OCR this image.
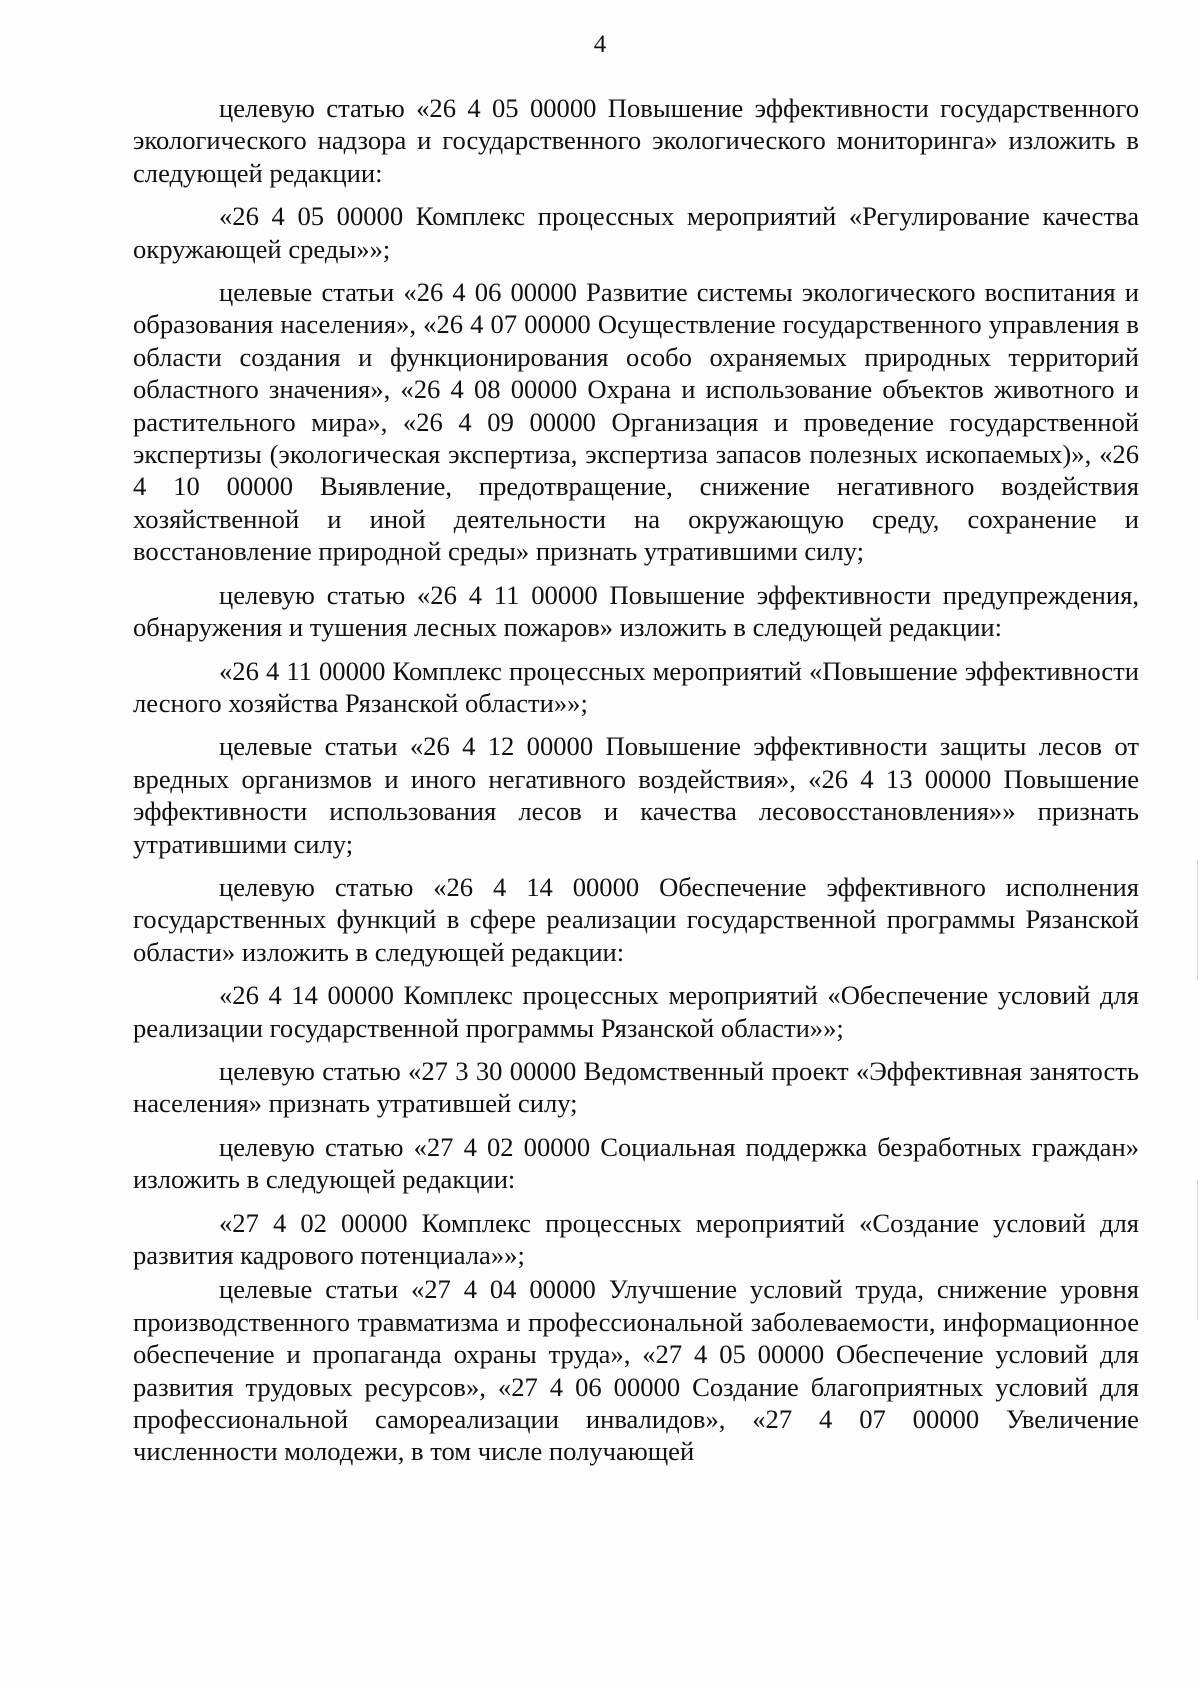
4

целевую статью «26 4 05 00000 Повышение эффективности государственного экологического надзора и государственного экологического мониторинга» изложить в следующей редакции:

«26 4 05 00000 Комплекс процессных мероприятий «Регулирование качества окружающей среды»»;

целевые статьи «26 4 06 00000 Развитие системы экологического воспитания и образования населения», «26 4 07 00000 Осуществление государственного управления в области создания и функционирования особо охраняемых природных территорий областного значения», «26 4 08 00000 Охрана и использование объектов животного и растительного мира», «26 4 09 00000 Организация и проведение государственной экспертизы (экологическая экспертиза, экспертиза запасов полезных ископаемых)», «26 4 10 00000 Выявление, предотвращение, снижение негативного воздействия хозяйственной и иной деятельности на окружающую среду, сохранение и восстановление природной среды» признать утратившими силу;

целевую статью «26 4 11 00000 Повышение эффективности предупреждения, обнаружения и тушения лесных пожаров» изложить в следующей редакции:

«26 4 11 00000 Комплекс процессных мероприятий «Повышение эффективности лесного хозяйства Рязанской области»»;

целевые статьи «26 4 12 00000 Повышение эффективности защиты лесов от вредных организмов и иного негативного воздействия», «26 4 13 00000 Повышение эффективности использования лесов и качества лесовосстановления»» признать утратившими силу;

целевую статью «26 4 14 00000 Обеспечение эффективного исполнения государственных функций в сфере реализации государственной программы Рязанской области» изложить в следующей редакции:

«26 4 14 00000 Комплекс процессных мероприятий «Обеспечение условий для реализации государственной программы Рязанской области»»;

целевую статью «27 3 30 00000 Ведомственный проект «Эффективная занятость населения» признать утратившей силу;

целевую статью «27 4 02 00000 Социальная поддержка безработных граждан» изложить в следующей редакции:

«27 4 02 00000 Комплекс процессных мероприятий «Создание условий для развития кадрового потенциала»»;

целевые статьи «27 4 04 00000 Улучшение условий труда, снижение уровня производственного травматизма и профессиональной заболеваемости, информационное обеспечение и пропаганда охраны труда», «27 4 05 00000 Обеспечение условий для развития трудовых ресурсов», «27 4 06 00000 Создание благоприятных условий для профессиональной самореализации инвалидов», «27 4 07 00000 Увеличение численности молодежи, в том числе получающей
